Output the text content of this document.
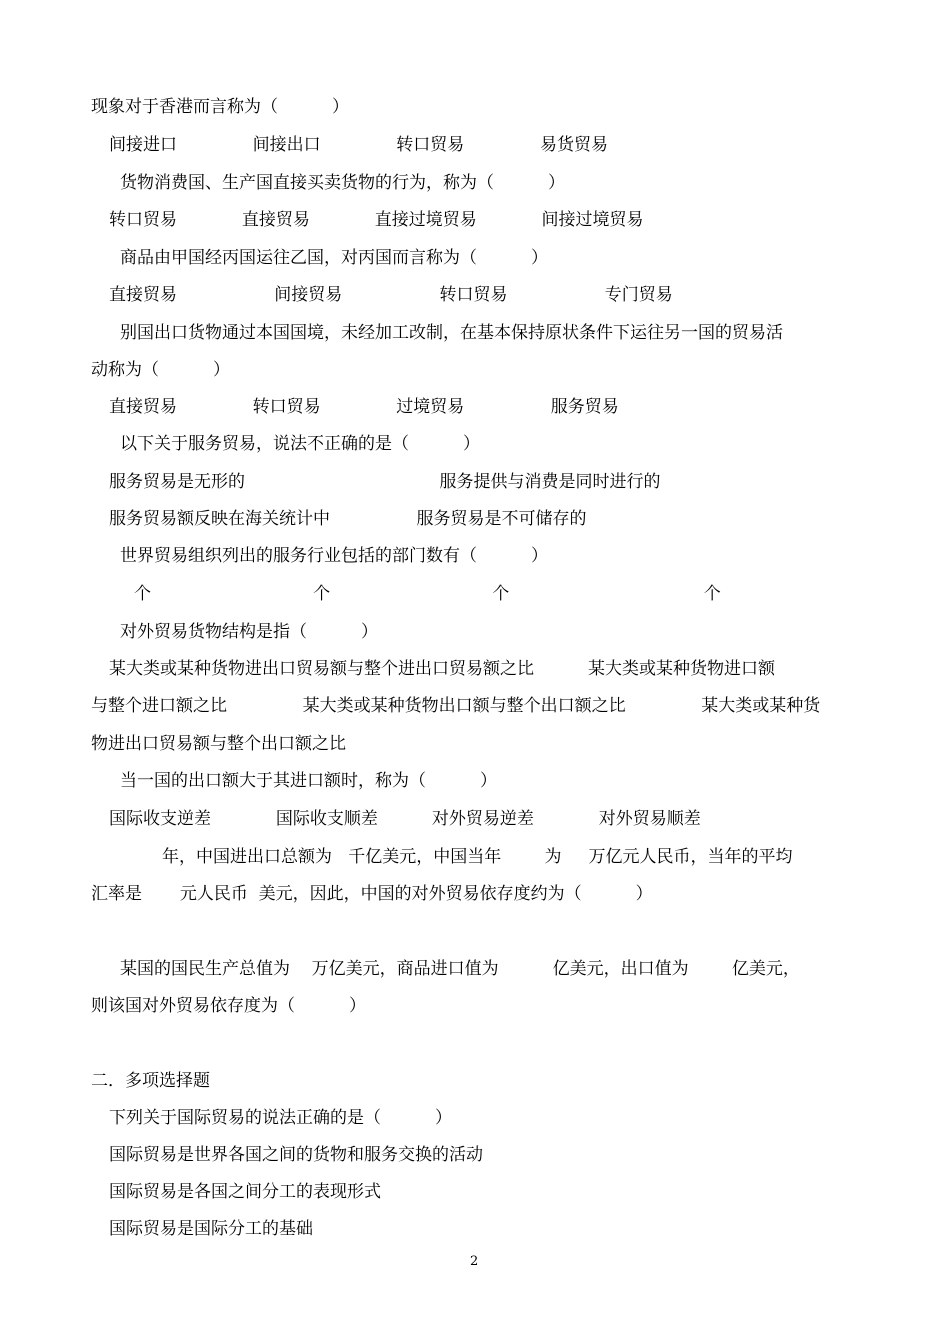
现象对于香港而言称为（          ）
间接进口              间接出口              转口贸易              易货贸易
货物消费国、生产国直接买卖货物的行为，称为（          ）
转口贸易            直接贸易            直接过境贸易            间接过境贸易
商品由甲国经丙国运往乙国，对丙国而言称为（          ）
直接贸易                  间接贸易                  转口贸易                  专门贸易
别国出口货物通过本国国境，未经加工改制，在基本保持原状条件下运往另一国的贸易活
动称为（          ）
直接贸易              转口贸易              过境贸易                服务贸易
以下关于服务贸易，说法不正确的是（          ）
服务贸易是无形的                                    服务提供与消费是同时进行的
服务贸易额反映在海关统计中                服务贸易是不可储存的
世界贸易组织列出的服务行业包括的部门数有（          ）
个                              个                              个                                    个
对外贸易货物结构是指（          ）
某大类或某种货物进出口贸易额与整个进出口贸易额之比          某大类或某种货物进口额
与整个进口额之比              某大类或某种货物出口额与整个出口额之比              某大类或某种货
物进出口贸易额与整个出口额之比
当一国的出口额大于其进口额时，称为（          ）
国际收支逆差            国际收支顺差          对外贸易逆差            对外贸易顺差
年，中国进出口总额为   千亿美元，中国当年        为     万亿元人民币，当年的平均
汇率是       元人民币  美元，因此，中国的对外贸易依存度约为（          ）
某国的国民生产总值为    万亿美元，商品进口值为          亿美元，出口值为        亿美元，
则该国对外贸易依存度为（          ）
二．多项选择题
下列关于国际贸易的说法正确的是（          ）
国际贸易是世界各国之间的货物和服务交换的活动
国际贸易是各国之间分工的表现形式
国际贸易是国际分工的基础
2
